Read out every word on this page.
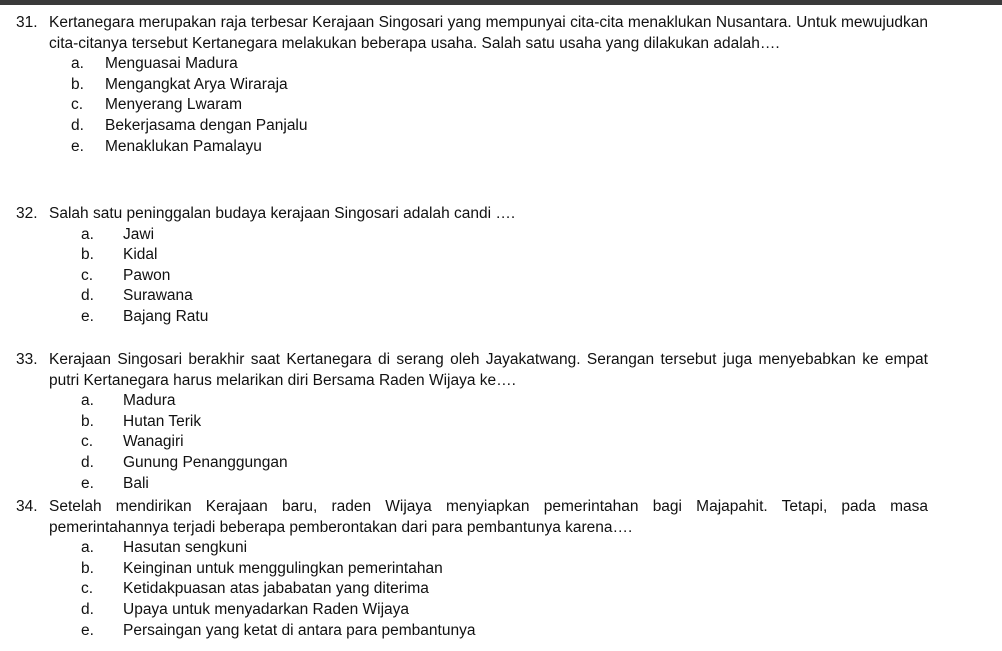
31. Kertanegara merupakan raja terbesar Kerajaan Singosari yang mempunyai cita-cita menaklukan Nusantara. Untuk mewujudkan cita-citanya tersebut Kertanegara melakukan beberapa usaha. Salah satu usaha yang dilakukan adalah….
a.	Menguasai Madura
b.	Mengangkat Arya Wiraraja
c.	Menyerang Lwaram
d.	Bekerjasama dengan Panjalu
e.	Menaklukan Pamalayu
32. Salah satu peninggalan budaya kerajaan Singosari adalah candi ….
a.	Jawi
b.	Kidal
c.	Pawon
d.	Surawana
e.	Bajang Ratu
33. Kerajaan Singosari berakhir saat Kertanegara di serang oleh Jayakatwang. Serangan tersebut juga menyebabkan ke empat putri Kertanegara harus melarikan diri Bersama Raden Wijaya ke….
a.	Madura
b.	Hutan Terik
c.	Wanagiri
d.	Gunung Penanggungan
e.	Bali
34. Setelah mendirikan Kerajaan baru, raden Wijaya menyiapkan pemerintahan bagi Majapahit. Tetapi, pada masa pemerintahannya terjadi beberapa pemberontakan dari para pembantunya karena….
a.	Hasutan sengkuni
b.	Keinginan untuk menggulingkan pemerintahan
c.	Ketidakpuasan atas jababatan yang diterima
d.	Upaya untuk menyadarkan Raden Wijaya
e.	Persaingan yang ketat di antara para pembantunya
